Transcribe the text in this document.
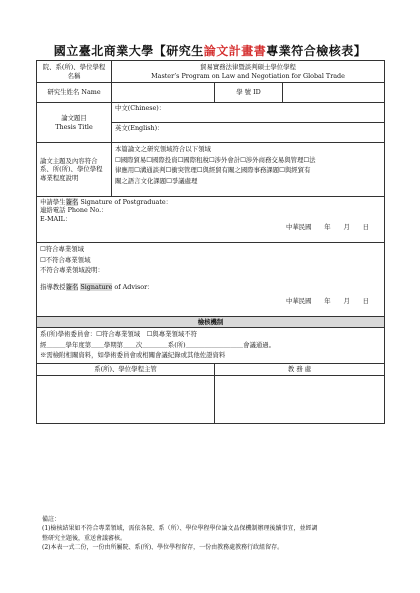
國立臺北商業大學【研究生論文計畫書專業符合檢核表】
院、系(所)、學位學程名稱	貿易實務法律暨談判碩士學位學程
Master’s Program on Law and Negotiation for Global Trade		

研究生姓名 Name		學 號 ID	

論文題目
Thesis Title	中文(Chinese)：		
	英文(English)：		
論文主題及內容符合系、所(所)、學位學程專業程度說明	本篇論文之研究領域符合以下領域
☐國際貿易☐國際投資☐國際租稅☐涉外會計☐涉外商務交易與管理☐法
律應用☐溝通談判☐衝突管理☐與經貿有關之國際事務課題☐與經貿有
關之語言文化課題☐爭議處理		

申請學生簽名 Signature of Postgraduate：
連絡電話 Phone No.：
E-MAIL：
中華民國　　年　　月　　日			

☐符合專業領域
☐不符合專業領域
不符合專業領域說明：
指導教授簽名 Signature of Advisor：
中華民國　　年　　月　　日			

檢核機制			

系(所)學術委員會：☐符合專業領域　☐與專業領域不符
經＿＿＿學年度第＿＿學期第＿＿次＿＿＿＿系(所)＿＿＿＿＿＿＿＿＿會議通過。
※需檢附相關資料，如學術委員會或相關會議紀錄或其他佐證資料			

系(所)、學位學程主管		教 務 處	

備註：
(1)檢核結果如不符合專業領域，需依各院、系（所）、學位學程學位論文品保機制辦理後續事宜，並經調
整研究主題後，重送會議審核。
(2)本表一式二份，一份由所屬院、系(所)、學位學程留存，一份由教務處教務行政組留存。
